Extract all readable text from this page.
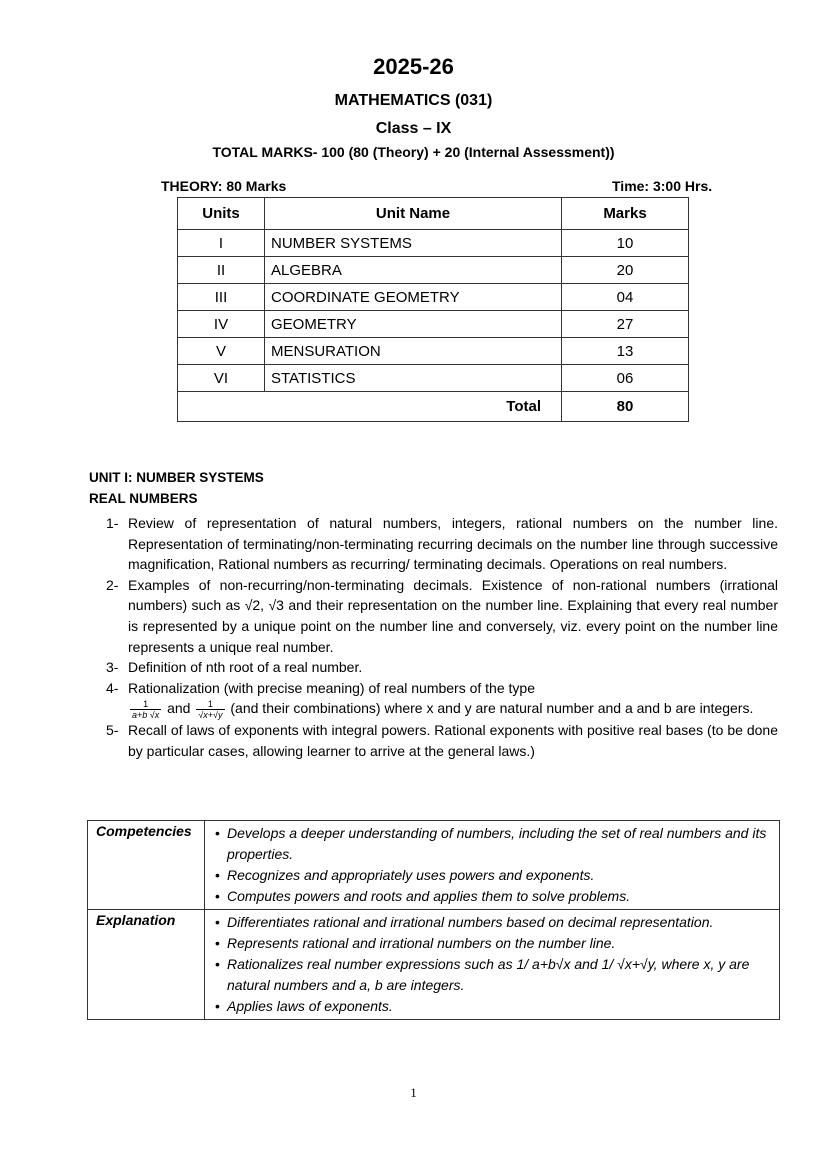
2025-26
MATHEMATICS (031)
Class – IX
TOTAL MARKS- 100 (80 (Theory) + 20 (Internal Assessment))
THEORY: 80 Marks	Time: 3:00 Hrs.
Units	Unit Name	Marks
I	NUMBER SYSTEMS	10
II	ALGEBRA	20
III	COORDINATE GEOMETRY	04
IV	GEOMETRY	27
V	MENSURATION	13
VI	STATISTICS	06
Total		80
UNIT I: NUMBER SYSTEMS
REAL NUMBERS
1- Review of representation of natural numbers, integers, rational numbers on the number line. Representation of terminating/non-terminating recurring decimals on the number line through successive magnification, Rational numbers as recurring/ terminating decimals. Operations on real numbers.
2- Examples of non-recurring/non-terminating decimals. Existence of non-rational numbers (irrational numbers) such as √2, √3 and their representation on the number line. Explaining that every real number is represented by a unique point on the number line and conversely, viz. every point on the number line represents a unique real number.
3- Definition of nth root of a real number.
4- Rationalization (with precise meaning) of real numbers of the type

$\frac{1}{a+b √x}$ and $\frac{1}{√x+√y} (and$ their combinations) where x and y are natural number and a and b are integers.
5- Recall of laws of exponents with integral powers. Rational exponents with positive real bases (to be done by particular cases, allowing learner to arrive at the general laws.)
Competencies	
•Develops a deeper understanding of numbers, including the set of real numbers and its properties.
• Recognizes and appropriately uses powers and exponents.
• Computes powers and roots and applies them to solve problems.

Explanation	
•Differentiates rational and irrational numbers based on decimal representation.
• Represents rational and irrational numbers on the number line.
• Rationalizes real number expressions such as 1/ a+b√x and 1/ √x+√y, where x, y are natural numbers and a, b are integers.
• Applies laws of exponents.
1
